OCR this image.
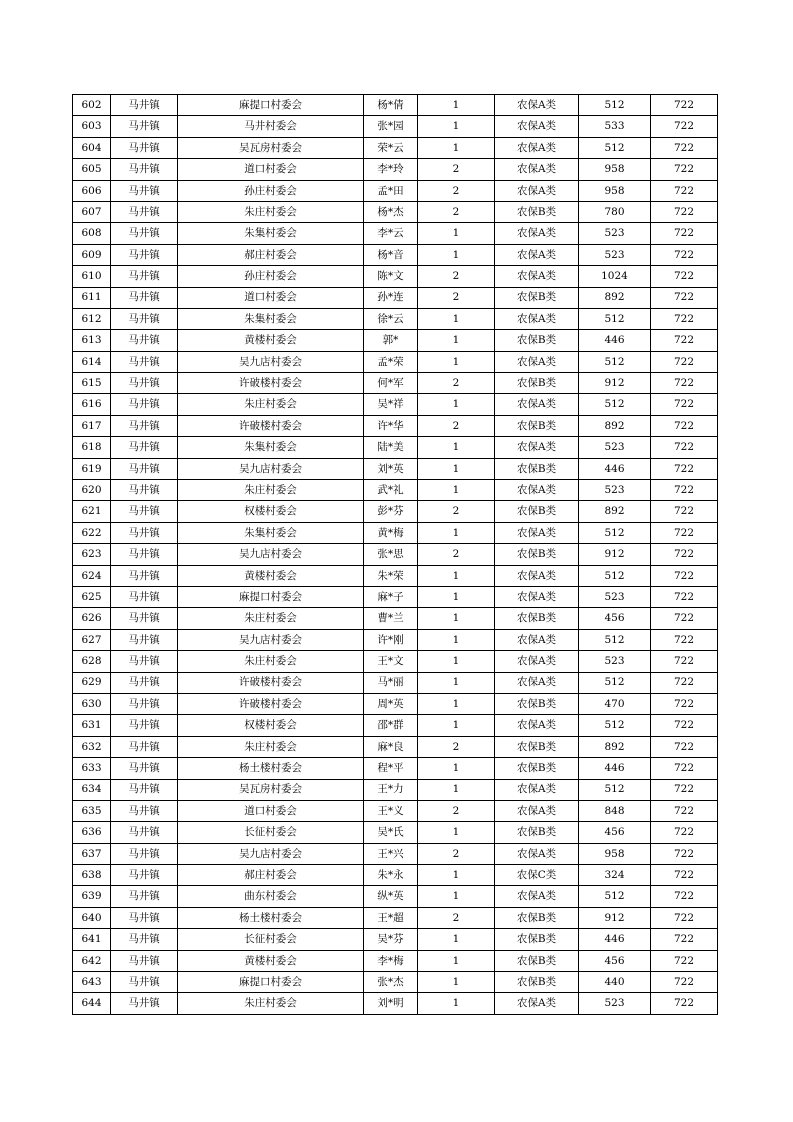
602	马井镇	麻提口村委会	杨*倩	1	农保A类	512	722
603	马井镇	马井村委会	张*园	1	农保A类	533	722
604	马井镇	吴瓦房村委会	荣*云	1	农保A类	512	722
605	马井镇	道口村委会	李*玲	2	农保A类	958	722
606	马井镇	孙庄村委会	孟*田	2	农保A类	958	722
607	马井镇	朱庄村委会	杨*杰	2	农保B类	780	722
608	马井镇	朱集村委会	李*云	1	农保A类	523	722
609	马井镇	郝庄村委会	杨*音	1	农保A类	523	722
610	马井镇	孙庄村委会	陈*文	2	农保A类	1024	722
611	马井镇	道口村委会	孙*连	2	农保B类	892	722
612	马井镇	朱集村委会	徐*云	1	农保A类	512	722
613	马井镇	黄楼村委会	郭*	1	农保B类	446	722
614	马井镇	吴九店村委会	孟*荣	1	农保A类	512	722
615	马井镇	许破楼村委会	何*军	2	农保B类	912	722
616	马井镇	朱庄村委会	吴*祥	1	农保A类	512	722
617	马井镇	许破楼村委会	许*华	2	农保B类	892	722
618	马井镇	朱集村委会	陆*美	1	农保A类	523	722
619	马井镇	吴九店村委会	刘*英	1	农保B类	446	722
620	马井镇	朱庄村委会	武*礼	1	农保A类	523	722
621	马井镇	权楼村委会	彭*芬	2	农保B类	892	722
622	马井镇	朱集村委会	黄*梅	1	农保A类	512	722
623	马井镇	吴九店村委会	张*思	2	农保B类	912	722
624	马井镇	黄楼村委会	朱*荣	1	农保A类	512	722
625	马井镇	麻提口村委会	麻*子	1	农保A类	523	722
626	马井镇	朱庄村委会	曹*兰	1	农保B类	456	722
627	马井镇	吴九店村委会	许*刚	1	农保A类	512	722
628	马井镇	朱庄村委会	王*文	1	农保A类	523	722
629	马井镇	许破楼村委会	马*丽	1	农保A类	512	722
630	马井镇	许破楼村委会	周*英	1	农保B类	470	722
631	马井镇	权楼村委会	邵*群	1	农保A类	512	722
632	马井镇	朱庄村委会	麻*良	2	农保B类	892	722
633	马井镇	杨土楼村委会	程*平	1	农保B类	446	722
634	马井镇	吴瓦房村委会	王*力	1	农保A类	512	722
635	马井镇	道口村委会	王*义	2	农保A类	848	722
636	马井镇	长征村委会	吴*氏	1	农保B类	456	722
637	马井镇	吴九店村委会	王*兴	2	农保A类	958	722
638	马井镇	郝庄村委会	朱*永	1	农保C类	324	722
639	马井镇	曲东村委会	纵*英	1	农保A类	512	722
640	马井镇	杨土楼村委会	王*超	2	农保B类	912	722
641	马井镇	长征村委会	吴*芬	1	农保B类	446	722
642	马井镇	黄楼村委会	李*梅	1	农保B类	456	722
643	马井镇	麻提口村委会	张*杰	1	农保B类	440	722
644	马井镇	朱庄村委会	刘*明	1	农保A类	523	722
